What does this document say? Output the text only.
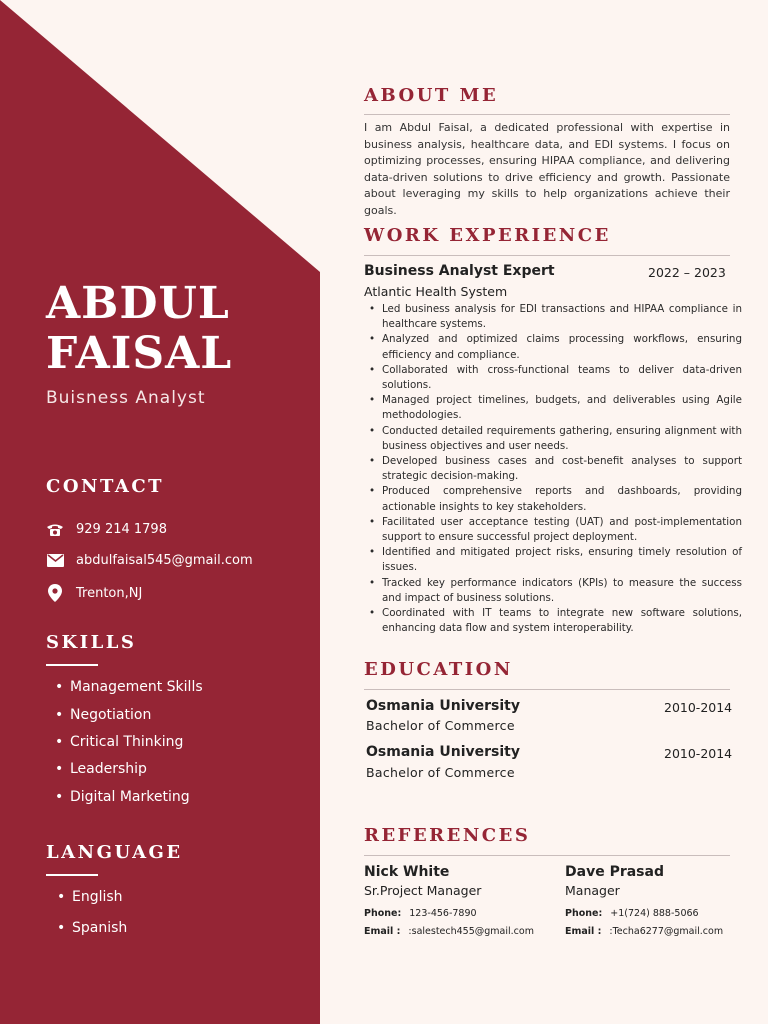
ABDUL
FAISAL

Buisness Analyst

CONTACT
929 214 1798
abdulfaisal545@gmail.com
Trenton,NJ
SKILLS
• Management Skills
• Negotiation
• Critical Thinking
• Leadership
• Digital Marketing
LANGUAGE
• English
• Spanish
ABOUT ME

I am Abdul Faisal, a dedicated professional with expertise in business analysis, healthcare data, and EDI systems. I focus on optimizing processes, ensuring HIPAA compliance, and delivering data-driven solutions to drive efficiency and growth. Passionate about leveraging my skills to help organizations achieve their goals.

WORK EXPERIENCE
Business Analyst Expert	2022 – 2023
Atlantic Health System
• Led business analysis for EDI transactions and HIPAA compliance in healthcare systems.
• Analyzed and optimized claims processing workflows, ensuring efficiency and compliance.
• Collaborated with cross-functional teams to deliver data-driven solutions.
• Managed project timelines, budgets, and deliverables using Agile methodologies.
• Conducted detailed requirements gathering, ensuring alignment with business objectives and user needs.
• Developed business cases and cost-benefit analyses to support strategic decision-making.
• Produced comprehensive reports and dashboards, providing actionable insights to key stakeholders.
• Facilitated user acceptance testing (UAT) and post-implementation support to ensure successful project deployment.
• Identified and mitigated project risks, ensuring timely resolution of issues.
• Tracked key performance indicators (KPIs) to measure the success and impact of business solutions.
• Coordinated with IT teams to integrate new software solutions, enhancing data flow and system interoperability.
EDUCATION
Osmania University	2010-2014
Bachelor of Commerce
Osmania University	2010-2014
Bachelor of Commerce
REFERENCES
Nick White
Sr.Project Manager
Phone: 123-456-7890
Email : :salestech455@gmail.com
Dave Prasad
Manager
Phone: +1(724) 888-5066
Email : :Techa6277@gmail.com
